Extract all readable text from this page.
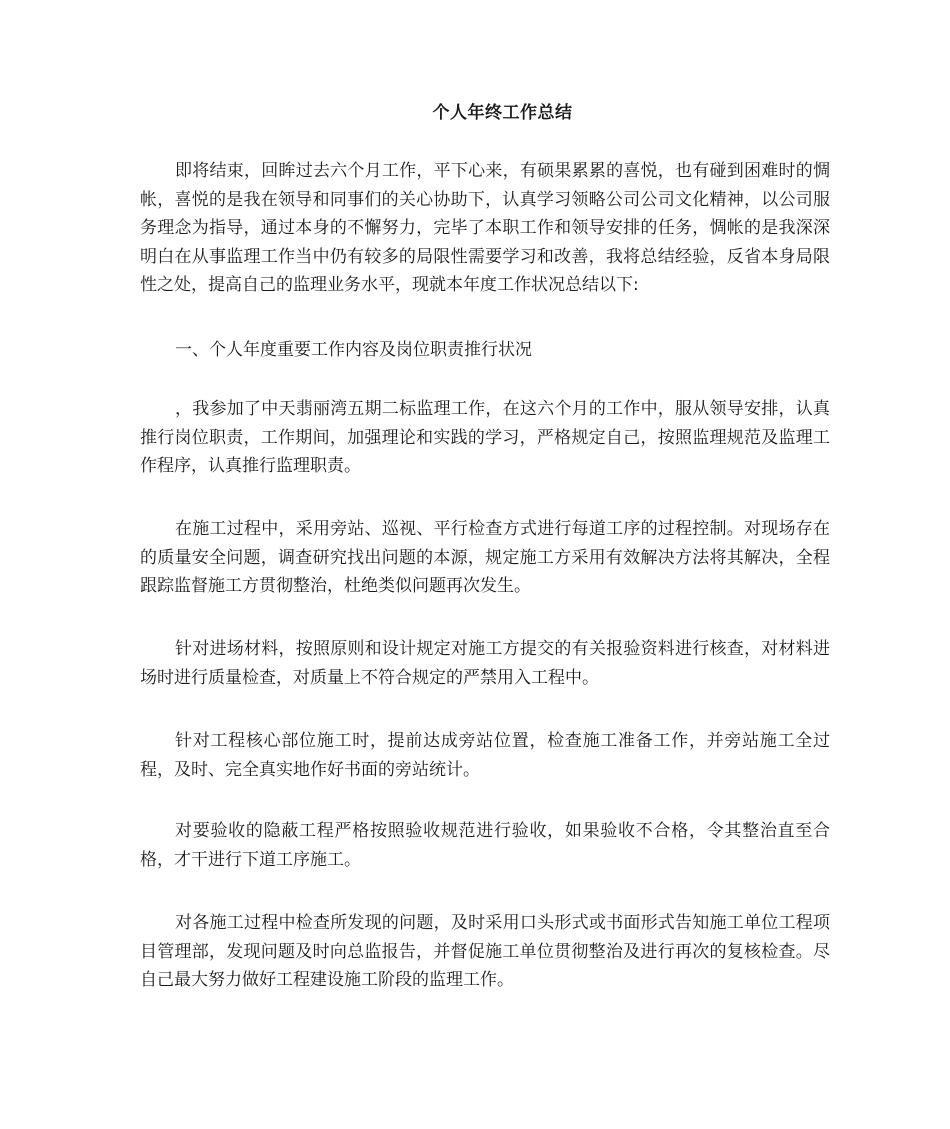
个人年终工作总结

即将结束，回眸过去六个月工作，平下心来，有硕果累累的喜悦，也有碰到困难时的惆帐，喜悦的是我在领导和同事们的关心协助下，认真学习领略公司公司文化精神，以公司服务理念为指导，通过本身的不懈努力，完毕了本职工作和领导安排的任务，惆帐的是我深深明白在从事监理工作当中仍有较多的局限性需要学习和改善，我将总结经验，反省本身局限性之处，提高自己的监理业务水平，现就本年度工作状况总结以下:

一、个人年度重要工作内容及岗位职责推行状况

，我参加了中天翡丽湾五期二标监理工作，在这六个月的工作中，服从领导安排，认真推行岗位职责，工作期间，加强理论和实践的学习，严格规定自己，按照监理规范及监理工作程序，认真推行监理职责。

在施工过程中，采用旁站、巡视、平行检查方式进行每道工序的过程控制。对现场存在的质量安全问题，调查研究找出问题的本源，规定施工方采用有效解决方法将其解决，全程跟踪监督施工方贯彻整治，杜绝类似问题再次发生。

针对进场材料，按照原则和设计规定对施工方提交的有关报验资料进行核查，对材料进场时进行质量检查，对质量上不符合规定的严禁用入工程中。

针对工程核心部位施工时，提前达成旁站位置，检查施工准备工作，并旁站施工全过程，及时、完全真实地作好书面的旁站统计。

对要验收的隐蔽工程严格按照验收规范进行验收，如果验收不合格，令其整治直至合格，才干进行下道工序施工。

对各施工过程中检查所发现的问题，及时采用口头形式或书面形式告知施工单位工程项目管理部，发现问题及时向总监报告，并督促施工单位贯彻整治及进行再次的复核检查。尽自己最大努力做好工程建设施工阶段的监理工作。
